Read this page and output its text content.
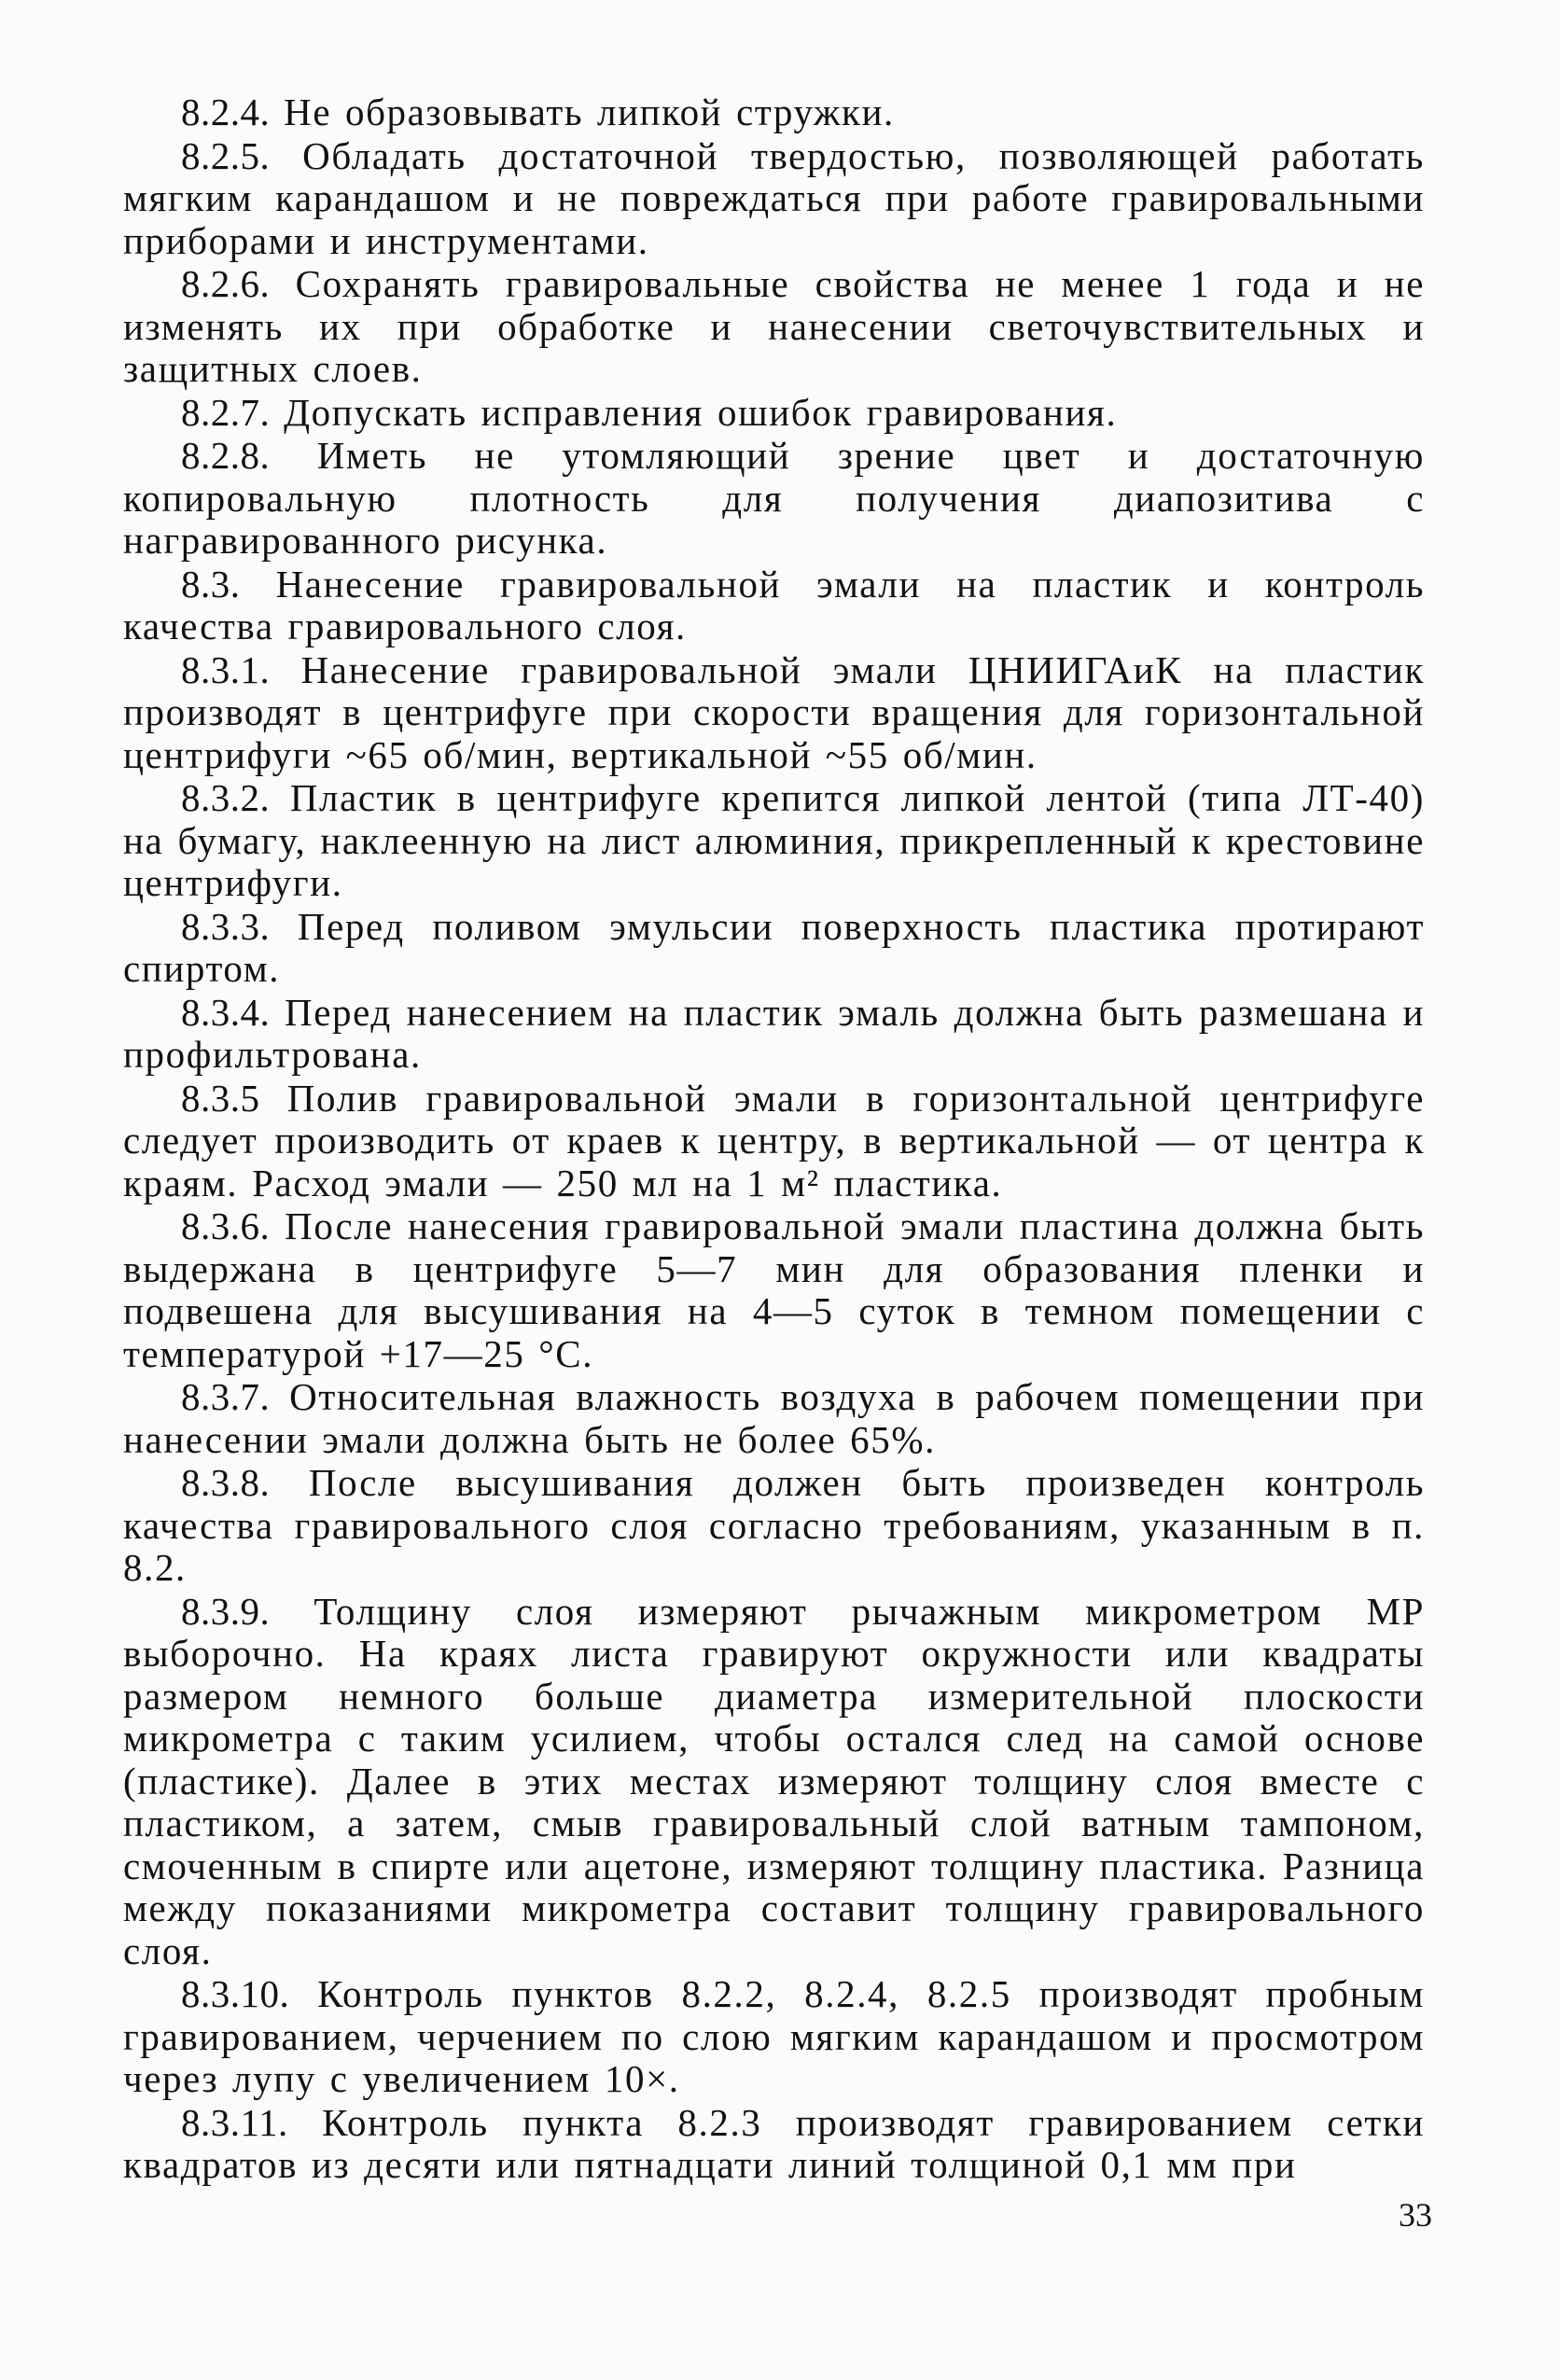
8.2.4. Не образовывать липкой стружки.

8.2.5. Обладать достаточной твердостью, позволяющей работать мягким карандашом и не повреждаться при работе гравировальными приборами и инструментами.

8.2.6. Сохранять гравировальные свойства не менее 1 года и не изменять их при обработке и нанесении светочувствительных и защитных слоев.

8.2.7. Допускать исправления ошибок гравирования.

8.2.8. Иметь не утомляющий зрение цвет и достаточную копировальную плотность для получения диапозитива с награвированного рисунка.

8.3. Нанесение гравировальной эмали на пластик и контроль качества гравировального слоя.

8.3.1. Нанесение гравировальной эмали ЦНИИГАиК на пластик производят в центрифуге при скорости вращения для горизонтальной центрифуги ~65 об/мин, вертикальной ~55 об/мин.

8.3.2. Пластик в центрифуге крепится липкой лентой (типа ЛТ-40) на бумагу, наклеенную на лист алюминия, прикрепленный к крестовине центрифуги.

8.3.3. Перед поливом эмульсии поверхность пластика протирают спиртом.

8.3.4. Перед нанесением на пластик эмаль должна быть размешана и профильтрована.

8.3.5 Полив гравировальной эмали в горизонтальной центрифуге следует производить от краев к центру, в вертикальной — от центра к краям. Расход эмали — 250 мл на 1 м² пластика.

8.3.6. После нанесения гравировальной эмали пластина должна быть выдержана в центрифуге 5—7 мин для образования пленки и подвешена для высушивания на 4—5 суток в темном помещении с температурой +17—25 °С.

8.3.7. Относительная влажность воздуха в рабочем помещении при нанесении эмали должна быть не более 65%.

8.3.8. После высушивания должен быть произведен контроль качества гравировального слоя согласно требованиям, указанным в п. 8.2.

8.3.9. Толщину слоя измеряют рычажным микрометром МР выборочно. На краях листа гравируют окружности или квадраты размером немного больше диаметра измерительной плоскости микрометра с таким усилием, чтобы остался след на самой основе (пластике). Далее в этих местах измеряют толщину слоя вместе с пластиком, а затем, смыв гравировальный слой ватным тампоном, смоченным в спирте или ацетоне, измеряют толщину пластика. Разница между показаниями микрометра составит толщину гравировального слоя.

8.3.10. Контроль пунктов 8.2.2, 8.2.4, 8.2.5 производят пробным гравированием, черчением по слою мягким карандашом и просмотром через лупу с увеличением 10×.

8.3.11. Контроль пункта 8.2.3 производят гравированием сетки квадратов из десяти или пятнадцати линий толщиной 0,1 мм при

33
